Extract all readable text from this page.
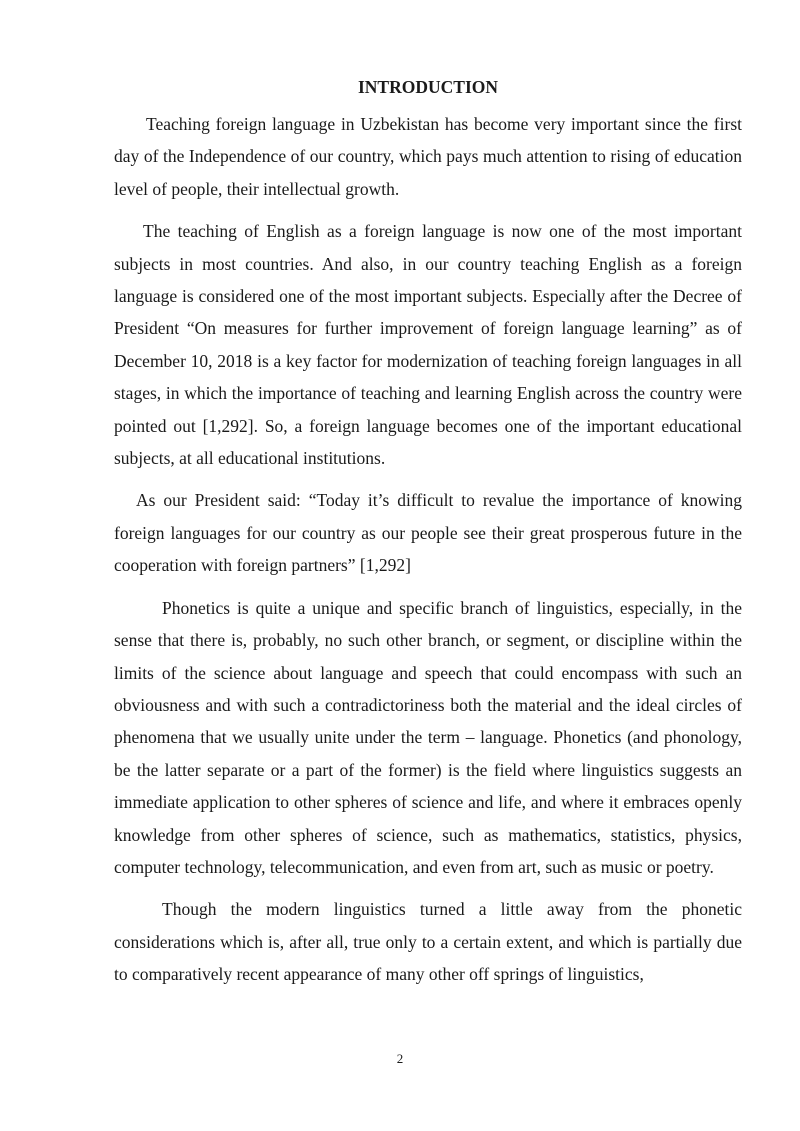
INTRODUCTION

Teaching foreign language in Uzbekistan has become very important since the first day of the Independence of our country, which pays much attention to rising of education level of people, their intellectual growth.

The teaching of English as a foreign language is now one of the most important subjects in most countries. And also, in our country teaching English as a foreign language is considered one of the most important subjects. Especially after the Decree of President “On measures for further improvement of foreign language learning” as of December 10, 2018 is a key factor for modernization of teaching foreign languages in all stages, in which the importance of teaching and learning English across the country were pointed out [1,292]. So, a foreign language becomes one of the important educational subjects, at all educational institutions.

As our President said: “Today it’s difficult to revalue the importance of knowing foreign languages for our country as our people see their great prosperous future in the cooperation with foreign partners” [1,292]

Phonetics is quite a unique and specific branch of linguistics, especially, in the sense that there is, probably, no such other branch, or segment, or discipline within the limits of the science about language and speech that could encompass with such an obviousness and with such a contradictoriness both the material and the ideal circles of phenomena that we usually unite under the term – language. Phonetics (and phonology, be the latter separate or a part of the former) is the field where linguistics suggests an immediate application to other spheres of science and life, and where it embraces openly knowledge from other spheres of science, such as mathematics, statistics, physics, computer technology, telecommunication, and even from art, such as music or poetry.

Though the modern linguistics turned a little away from the phonetic considerations which is, after all, true only to a certain extent, and which is partially due to comparatively recent appearance of many other off springs of linguistics,

2
